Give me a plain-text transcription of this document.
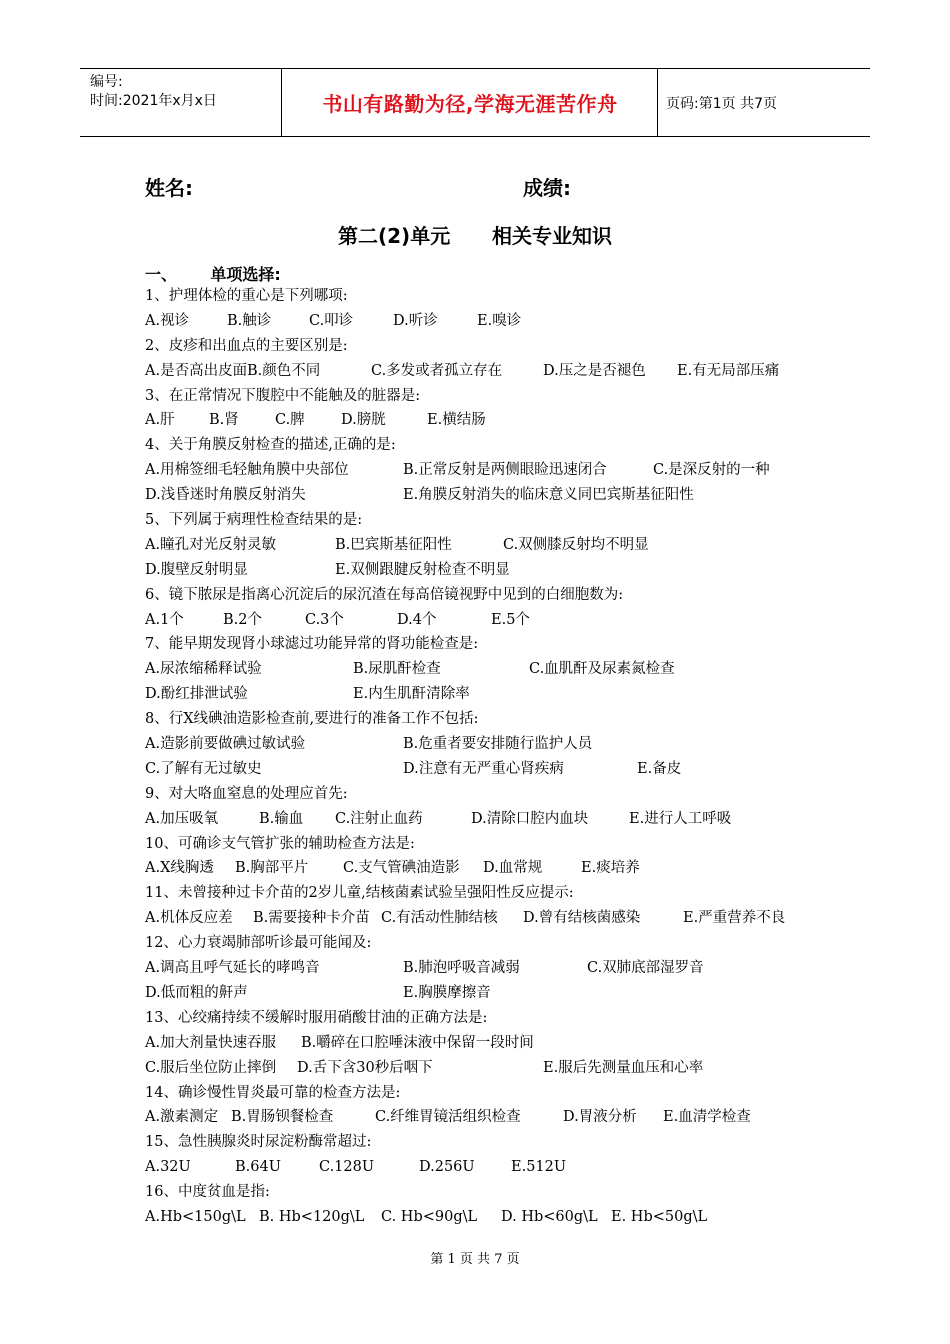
编号:
时间:2021年x月x日	书山有路勤为径,学海无涯苦作舟	页码:第1页 共7页
姓名:	成绩:
第二(2)单元      相关专业知识
一、      单项选择:
1、护理体检的重心是下列哪项:
A.视诊	B.触诊	C.叩诊	D.听诊	E.嗅诊
2、皮疹和出血点的主要区别是:
A.是否高出皮面 B.颜色不同	C.多发或者孤立存在	D.压之是否褪色 E.有无局部压痛
3、在正常情况下腹腔中不能触及的脏器是:
A.肝 B.肾 C.脾	D.膀胱	E.横结肠
4、关于角膜反射检查的描述,正确的是:
A.用棉签细毛轻触角膜中央部位	B.正常反射是两侧眼睑迅速闭合	C.是深反射的一种
D.浅昏迷时角膜反射消失	E.角膜反射消失的临床意义同巴宾斯基征阳性
5、下列属于病理性检查结果的是:
A.瞳孔对光反射灵敏	B.巴宾斯基征阳性	C.双侧膝反射均不明显
D.腹壁反射明显	E.双侧跟腱反射检查不明显
6、镜下脓尿是指离心沉淀后的尿沉渣在每高倍镜视野中见到的白细胞数为:
A.1个	B.2个	C.3个	D.4个	E.5个
7、能早期发现肾小球滤过功能异常的肾功能检查是:
A.尿浓缩稀释试验	B.尿肌酐检查	C.血肌酐及尿素氮检查
D.酚红排泄试验	E.内生肌酐清除率
8、行X线碘油造影检查前,要进行的准备工作不包括:
A.造影前要做碘过敏试验	B.危重者要安排随行监护人员
C.了解有无过敏史	D.注意有无严重心肾疾病	E.备皮
9、对大咯血窒息的处理应首先:
A.加压吸氧	B.输血 C.注射止血药	D.清除口腔内血块	E.进行人工呼吸
10、可确诊支气管扩张的辅助检查方法是:
A.X线胸透 B.胸部平片 C.支气管碘油造影 D.血常规	E.痰培养
11、未曾接种过卡介苗的2岁儿童,结核菌素试验呈强阳性反应提示:
A.机体反应差 B.需要接种卡介苗 C.有活动性肺结核 D.曾有结核菌感染	E.严重营养不良
12、心力衰竭肺部听诊最可能闻及:
A.调高且呼气延长的哮鸣音	B.肺泡呼吸音减弱	C.双肺底部湿罗音
D.低而粗的鼾声	E.胸膜摩擦音
13、心绞痛持续不缓解时服用硝酸甘油的正确方法是:
A.加大剂量快速吞服 B.嚼碎在口腔唾沫液中保留一段时间
C.服后坐位防止摔倒 D.舌下含30秒后咽下	E.服后先测量血压和心率
14、确诊慢性胃炎最可靠的检查方法是:
A.激素测定 B.胃肠钡餐检查	C.纤维胃镜活组织检查	D.胃液分析 E.血清学检查
15、急性胰腺炎时尿淀粉酶常超过:
A.32U	B.64U	C.128U	D.256U	E.512U
16、中度贫血是指:
A.Hb<150g\L B. Hb<120g\L C. Hb<90g\L D. Hb<60g\L E. Hb<50g\L
第 1 页 共 7 页
